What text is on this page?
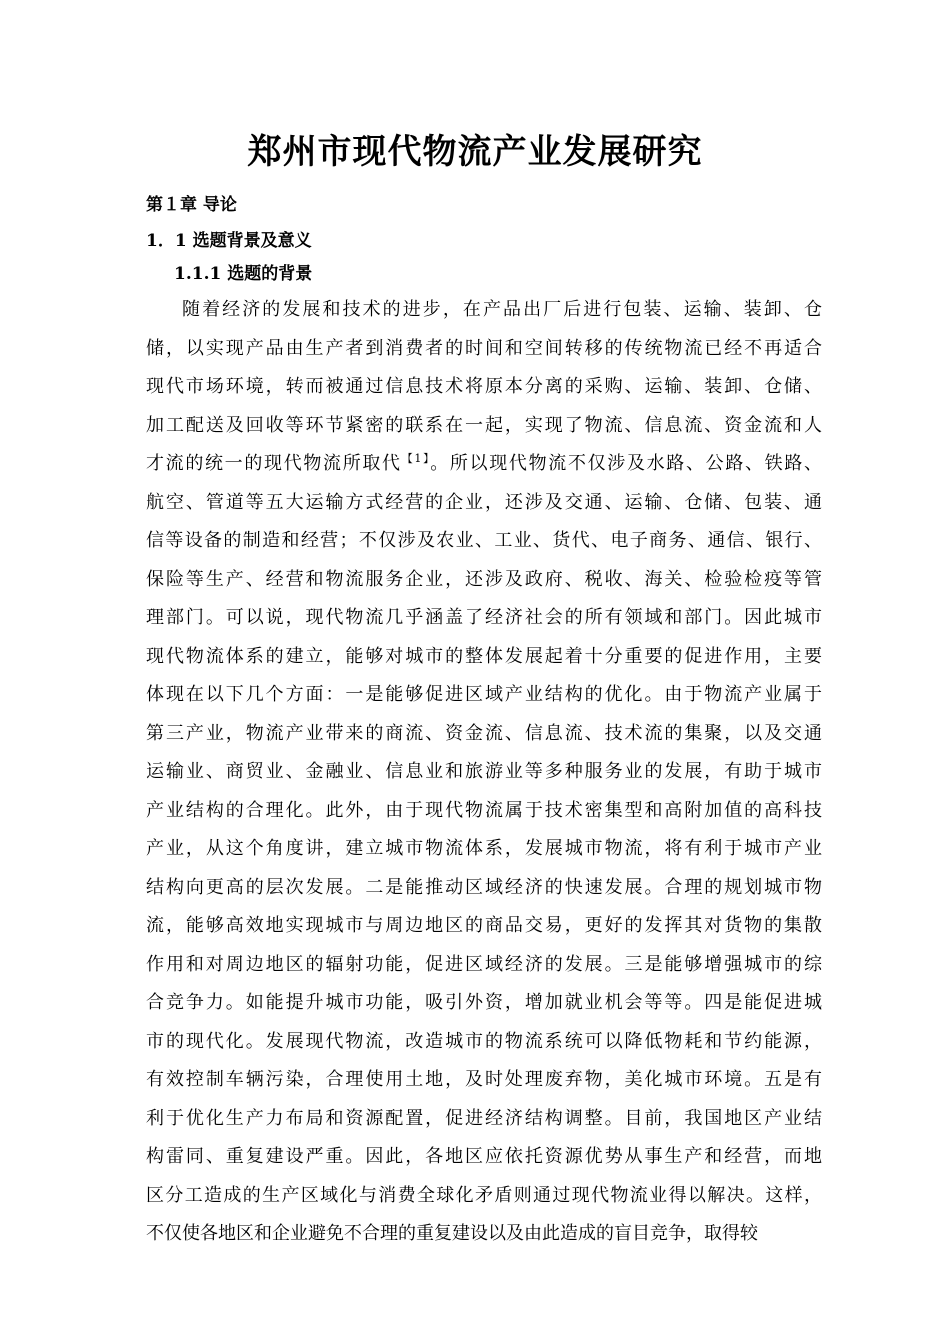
郑州市现代物流产业发展研究
第１章 导论
1．1 选题背景及意义
1.1.1 选题的背景
随着经济的发展和技术的进步，在产品出厂后进行包装、运输、装卸、仓
储，以实现产品由生产者到消费者的时间和空间转移的传统物流已经不再适合
现代市场环境，转而被通过信息技术将原本分离的采购、运输、装卸、仓储、
加工配送及回收等环节紧密的联系在一起，实现了物流、信息流、资金流和人
才流的统一的现代物流所取代$^{【1】}$。所以现代物流不仅涉及水路、公路、铁路、
航空、管道等五大运输方式经营的企业，还涉及交通、运输、仓储、包装、通
信等设备的制造和经营；不仅涉及农业、工业、货代、电子商务、通信、银行、
保险等生产、经营和物流服务企业，还涉及政府、税收、海关、检验检疫等管
理部门。可以说，现代物流几乎涵盖了经济社会的所有领域和部门。因此城市
现代物流体系的建立，能够对城市的整体发展起着十分重要的促进作用，主要
体现在以下几个方面：一是能够促进区域产业结构的优化。由于物流产业属于
第三产业，物流产业带来的商流、资金流、信息流、技术流的集聚，以及交通
运输业、商贸业、金融业、信息业和旅游业等多种服务业的发展，有助于城市
产业结构的合理化。此外，由于现代物流属于技术密集型和高附加值的高科技
产业，从这个角度讲，建立城市物流体系，发展城市物流，将有利于城市产业
结构向更高的层次发展。二是能推动区域经济的快速发展。合理的规划城市物
流，能够高效地实现城市与周边地区的商品交易，更好的发挥其对货物的集散
作用和对周边地区的辐射功能，促进区域经济的发展。三是能够增强城市的综
合竞争力。如能提升城市功能，吸引外资，增加就业机会等等。四是能促进城
市的现代化。发展现代物流，改造城市的物流系统可以降低物耗和节约能源，
有效控制车辆污染，合理使用土地，及时处理废弃物，美化城市环境。五是有
利于优化生产力布局和资源配置，促进经济结构调整。目前，我国地区产业结
构雷同、重复建设严重。因此，各地区应依托资源优势从事生产和经营，而地
区分工造成的生产区域化与消费全球化矛盾则通过现代物流业得以解决。这样，
不仅使各地区和企业避免不合理的重复建设以及由此造成的盲目竞争，取得较
